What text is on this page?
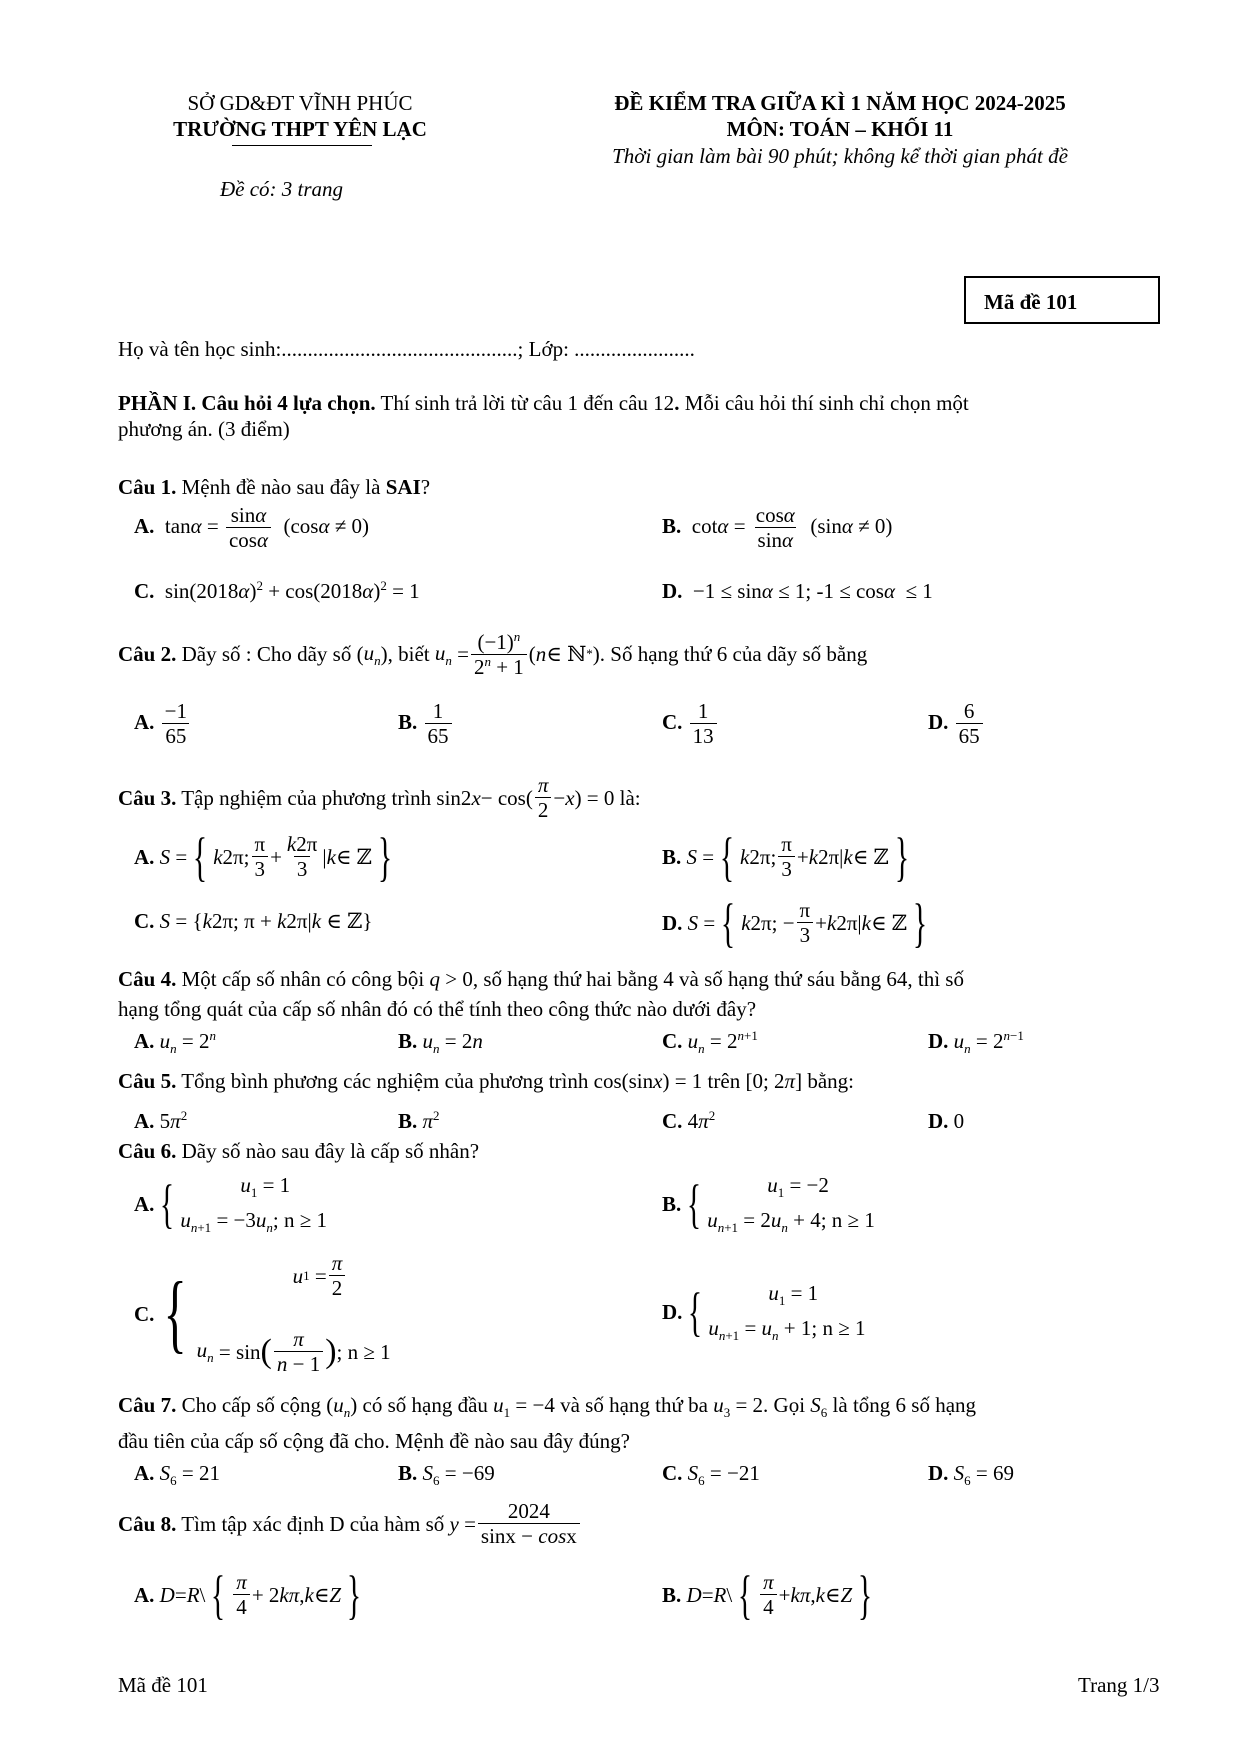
SỞ GD&ĐT VĨNH PHÚC
TRƯỜNG THPT YÊN LẠC
Đề có: 3 trang
ĐỀ KIỂM TRA GIỮA KÌ 1 NĂM HỌC 2024-2025
MÔN: TOÁN – KHỐI 11
Thời gian làm bài 90 phút; không kể thời gian phát đề
Mã đề 101
Họ và tên học sinh:.............................................; Lớp: .......................
PHẦN I. Câu hỏi 4 lựa chọn. Thí sinh trả lời từ câu 1 đến câu 12. Mỗi câu hỏi thí sinh chỉ chọn một
phương án. (3 điểm)
Câu 1. Mệnh đề nào sau đây là SAI?
A.  $\tan\alpha = \frac{\sin\alpha}{\cos\alpha} (\cos\alpha \ne 0)$	B.  $\cot\alpha = \frac{\cos\alpha}{\sin\alpha} (\sin\alpha \ne 0)$
C.  $\sin(2018\alpha)^2 + \cos(2018\alpha)^2 = 1$	D.  −1 ≤ sinα ≤ 1; -1 ≤ cosα  ≤ 1
Câu 2. Dãy số : Cho dãy số ( $u_n$ ) , biết $u_n = \frac{(-1)^n}{2^n + 1}$ ( n ∈ ℕ * ) . Số hạng thứ 6 của dãy số bằng
A. $\frac{-1}{65}$	B. $\frac{1}{65}$	C. $\frac{1}{13}$	D. $\frac{6}{65}$
Câu 3. Tập nghiệm của phương trình sin2 $x - \cos( \frac{\pi}{2} - x$ ) = 0 là:
A.
S = { k 2π; $\frac{\pi}{3} + \frac{k2\pi}{3}$ | k ∈ ℤ }	B.
S = { k 2π; $\frac{\pi}{3} + k$ 2π| k ∈ ℤ }
C. S = {k2π; π + k2π|k ∈ ℤ}	D.
S = { k 2π; − $\frac{\pi}{3} + k$ 2π| k ∈ ℤ }
Câu 4. Một cấp số nhân có công bội q > 0, số hạng thứ hai bằng 4 và số hạng thứ sáu bằng 64, thì số
hạng tổng quát của cấp số nhân đó có thể tính theo công thức nào dưới đây?
A. $u_n = 2^n$	B. $u_n = 2n$	C. $u_n = 2^{n+1}$	D. $u_n = 2^{n-1}$
Câu 5. Tổng bình phương các nghiệm của phương trình cos(sinx) = 1 trên [0; 2π] bằng:
A. $5\pi^2$	B. $\pi^2$	C. $4\pi^2$	D. 0
Câu 6. Dãy số nào sau đây là cấp số nhân?
A. {	$u_1 = 1$
$u_{n+1} = -3u_n$; n ≥ 1
B. {	$u_1 = -2$
$u_{n+1} = 2u_n + 4$; n ≥ 1
C. {	u $1 = \frac{\pi}{2}$
$u_n = \sin$ ( $\frac{\pi}{n - 1}$ ) ; n ≥ 1
D. {	$u_1 = 1$
$u_{n+1} = u_n + 1$; n ≥ 1
Câu 7. Cho cấp số cộng $(u_n)$ có số hạng đầu $u_1 = -4$ và số hạng thứ ba $u_3 = 2$. Gọi $S_6$ là tổng 6 số hạng
đầu tiên của cấp số cộng đã cho. Mệnh đề nào sau đây đúng?
A. $S_6 = 21$	B. $S_6 = -69$	C. $S_6 = -21$	D. $S_6 = 69$
Câu 8. Tìm tập xác định D của hàm số $y = \frac{2024}{\sin x - \cos x}$
A.
D = R \ { $\frac{\pi}{4} + 2$ kπ , k ∈ Z }	B.
D = R \ { $\frac{\pi}{4} + k\pi$ , k ∈ Z }
Mã đề 101	Trang 1/3
